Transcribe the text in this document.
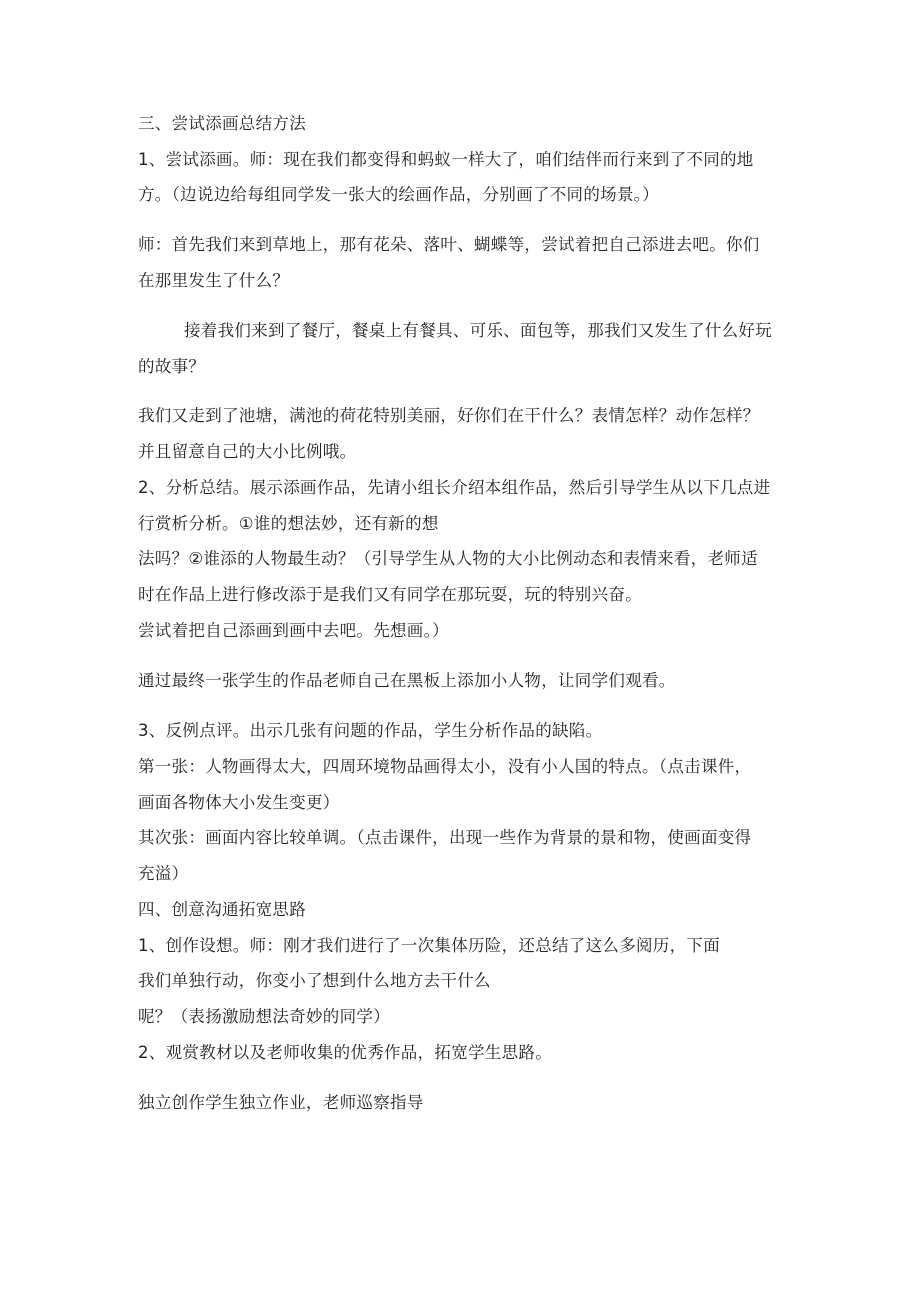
三、尝试添画总结方法
1、尝试添画。师：现在我们都变得和蚂蚁一样大了，咱们结伴而行来到了不同的地
方。（边说边给每组同学发一张大的绘画作品，分别画了不同的场景。）
师：首先我们来到草地上，那有花朵、落叶、蝴蝶等，尝试着把自己添进去吧。你们
在那里发生了什么？
接着我们来到了餐厅，餐桌上有餐具、可乐、面包等，那我们又发生了什么好玩
的故事？
我们又走到了池塘，满池的荷花特别美丽，好你们在干什么？表情怎样？动作怎样？
并且留意自己的大小比例哦。
2、分析总结。展示添画作品，先请小组长介绍本组作品，然后引导学生从以下几点进
行赏析分析。①谁的想法妙，还有新的想
法吗？②谁添的人物最生动？（引导学生从人物的大小比例动态和表情来看，老师适
时在作品上进行修改添于是我们又有同学在那玩耍，玩的特别兴奋。
尝试着把自己添画到画中去吧。先想画。）
通过最终一张学生的作品老师自己在黑板上添加小人物，让同学们观看。
3、反例点评。出示几张有问题的作品，学生分析作品的缺陷。
第一张：人物画得太大，四周环境物品画得太小，没有小人国的特点。（点击课件，
画面各物体大小发生变更）
其次张：画面内容比较单调。（点击课件，出现一些作为背景的景和物，使画面变得
充溢）
四、创意沟通拓宽思路
1、创作设想。师：刚才我们进行了一次集体历险，还总结了这么多阅历，下面
我们单独行动，你变小了想到什么地方去干什么
呢？（表扬激励想法奇妙的同学）
2、观赏教材以及老师收集的优秀作品，拓宽学生思路。
独立创作学生独立作业，老师巡察指导
